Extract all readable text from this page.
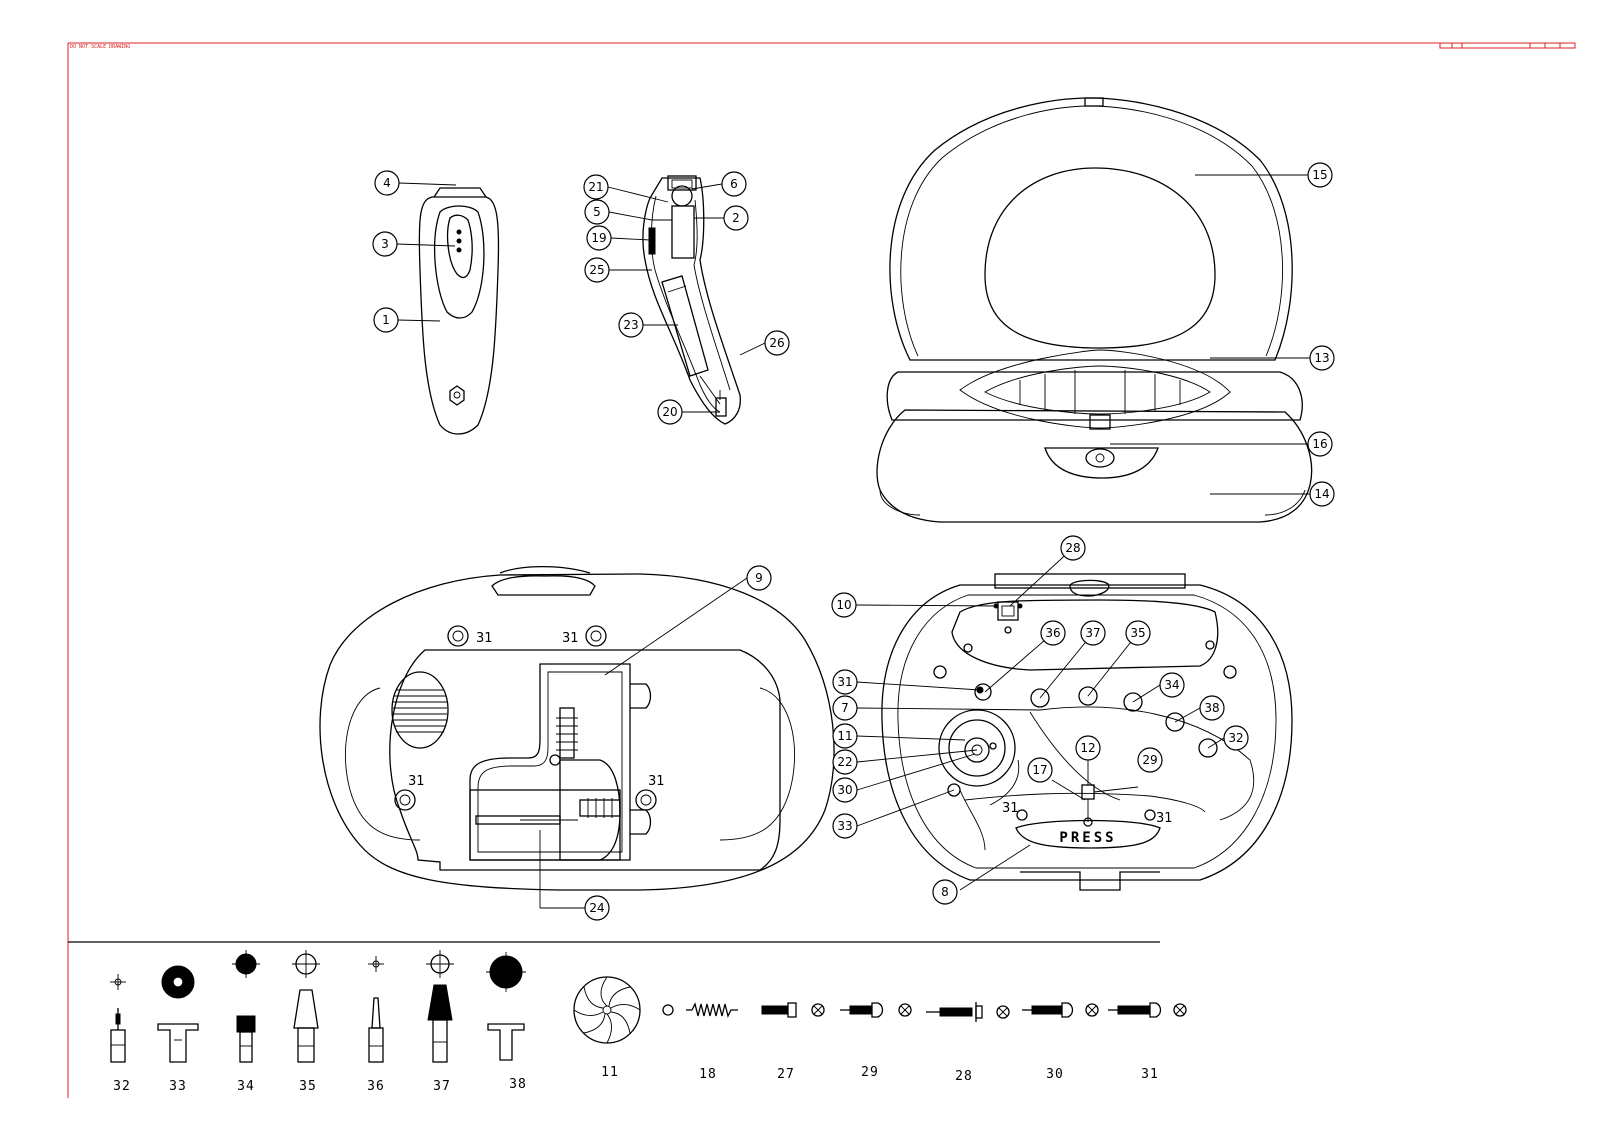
DO NOT SCALE DRAWING
PRESS
4
3
1
21	6
5	2
19
25
23
26
20
15
13
16
14
31	31
31	31
9
24
28
10
36 37 35
31	34
7	38
11	32
22
12
29
30
17
31
31
33
8
32	33	34	35	36	37	38
11	18	27	29	28	30	31
